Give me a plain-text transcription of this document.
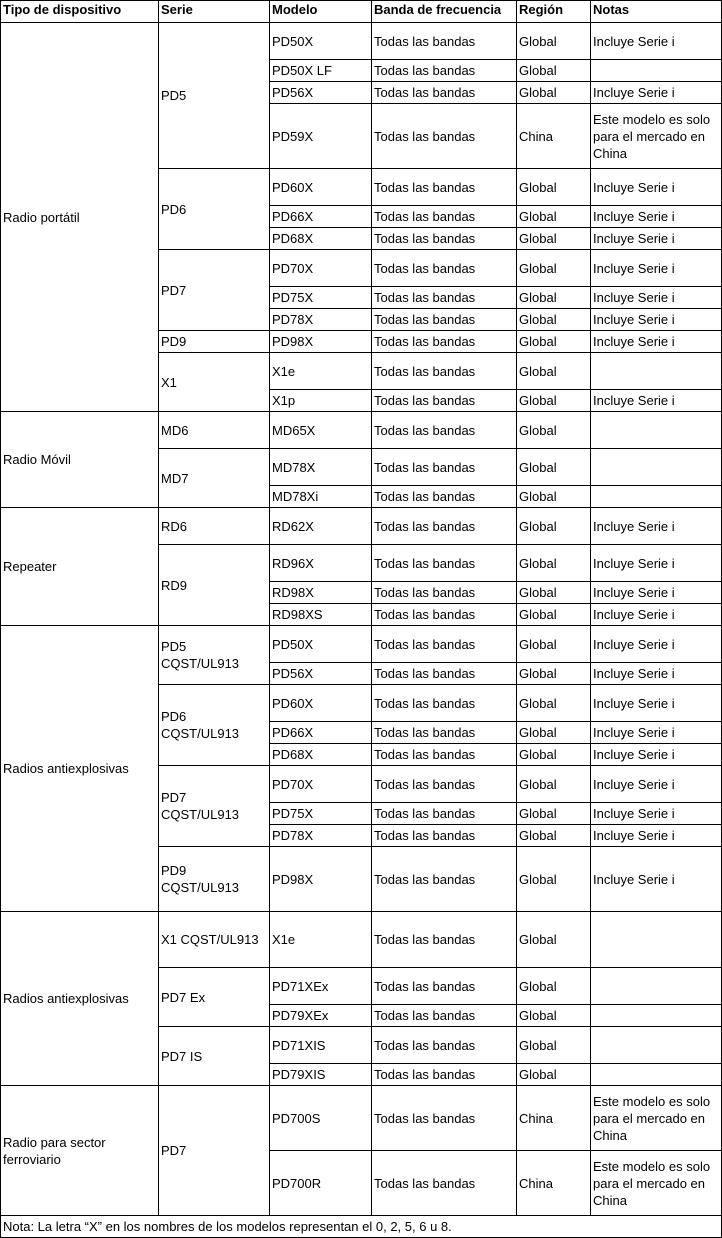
Tipo de dispositivo	Serie	Modelo	Banda de frecuencia	Región	Notas
Radio portátil	PD5	PD50X	Todas las bandas	Global	Incluye Serie i
		PD50X LF	Todas las bandas	Global	
		PD56X	Todas las bandas	Global	Incluye Serie i
		PD59X	Todas las bandas	China	Este modelo es solo para el mercado en China
	PD6	PD60X	Todas las bandas	Global	Incluye Serie i
		PD66X	Todas las bandas	Global	Incluye Serie i
		PD68X	Todas las bandas	Global	Incluye Serie i
	PD7	PD70X	Todas las bandas	Global	Incluye Serie i
		PD75X	Todas las bandas	Global	Incluye Serie i
		PD78X	Todas las bandas	Global	Incluye Serie i
	PD9	PD98X	Todas las bandas	Global	Incluye Serie i
	X1	X1e	Todas las bandas	Global	
		X1p	Todas las bandas	Global	Incluye Serie i
Radio Móvil	MD6	MD65X	Todas las bandas	Global	
	MD7	MD78X	Todas las bandas	Global	
		MD78Xi	Todas las bandas	Global	
Repeater	RD6	RD62X	Todas las bandas	Global	Incluye Serie i
	RD9	RD96X	Todas las bandas	Global	Incluye Serie i
		RD98X	Todas las bandas	Global	Incluye Serie i
		RD98XS	Todas las bandas	Global	Incluye Serie i
Radios antiexplosivas	PD5 CQST/UL913	PD50X	Todas las bandas	Global	Incluye Serie i
		PD56X	Todas las bandas	Global	Incluye Serie i
	PD6 CQST/UL913	PD60X	Todas las bandas	Global	Incluye Serie i
		PD66X	Todas las bandas	Global	Incluye Serie i
		PD68X	Todas las bandas	Global	Incluye Serie i
	PD7 CQST/UL913	PD70X	Todas las bandas	Global	Incluye Serie i
		PD75X	Todas las bandas	Global	Incluye Serie i
		PD78X	Todas las bandas	Global	Incluye Serie i
	PD9 CQST/UL913	PD98X	Todas las bandas	Global	Incluye Serie i
Radios antiexplosivas	X1 CQST/UL913	X1e	Todas las bandas	Global	
	PD7 Ex	PD71XEx	Todas las bandas	Global	
		PD79XEx	Todas las bandas	Global	
	PD7 IS	PD71XIS	Todas las bandas	Global	
		PD79XIS	Todas las bandas	Global	
Radio para sector ferroviario	PD7	PD700S	Todas las bandas	China	Este modelo es solo para el mercado en China
		PD700R	Todas las bandas	China	Este modelo es solo para el mercado en China
Nota: La letra “X” en los nombres de los modelos representan el 0, 2, 5, 6 u 8.					
